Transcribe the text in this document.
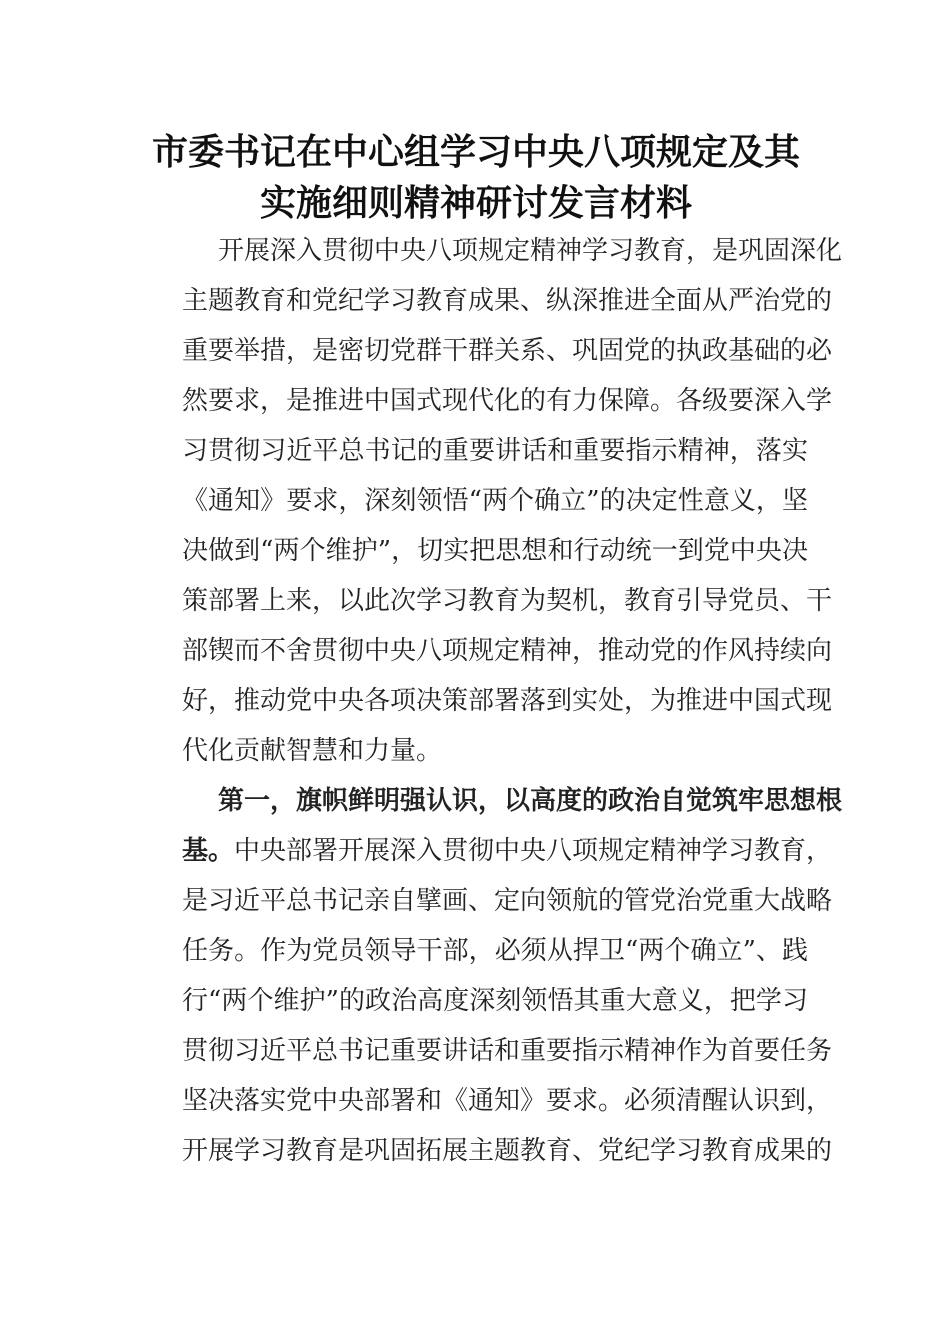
市委书记在中心组学习中央八项规定及其
实施细则精神研讨发言材料
开展深入贯彻中央八项规定精神学习教育，是巩固深化
主题教育和党纪学习教育成果、纵深推进全面从严治党的
重要举措，是密切党群干群关系、巩固党的执政基础的必
然要求，是推进中国式现代化的有力保障。各级要深入学
习贯彻习近平总书记的重要讲话和重要指示精神，落实
《通知》要求，深刻领悟“两个确立”的决定性意义，坚
决做到“两个维护”，切实把思想和行动统一到党中央决
策部署上来，以此次学习教育为契机，教育引导党员、干
部锲而不舍贯彻中央八项规定精神，推动党的作风持续向
好，推动党中央各项决策部署落到实处，为推进中国式现
代化贡献智慧和力量。
第一，旗帜鲜明强认识，以高度的政治自觉筑牢思想根
基。中央部署开展深入贯彻中央八项规定精神学习教育，
是习近平总书记亲自擘画、定向领航的管党治党重大战略
任务。作为党员领导干部，必须从捍卫“两个确立”、践
行“两个维护”的政治高度深刻领悟其重大意义，把学习
贯彻习近平总书记重要讲话和重要指示精神作为首要任务
坚决落实党中央部署和《通知》要求。必须清醒认识到，
开展学习教育是巩固拓展主题教育、党纪学习教育成果的
